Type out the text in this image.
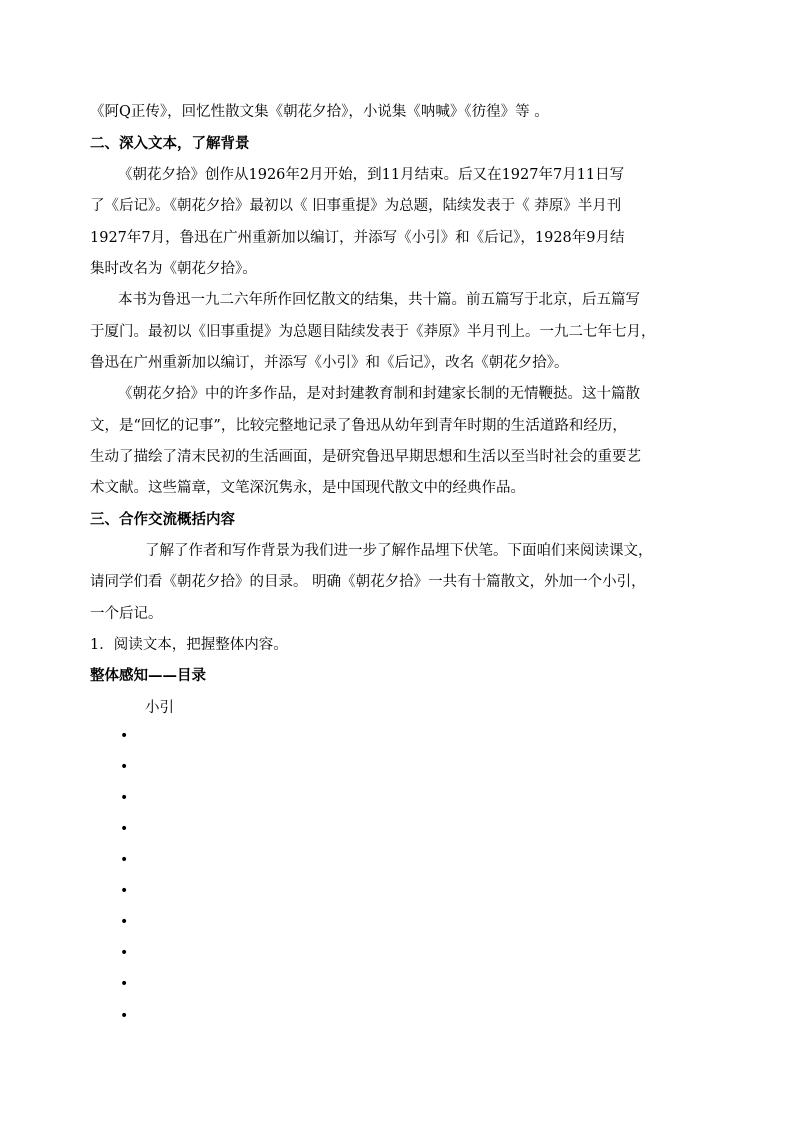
《阿Q正传》，回忆性散文集《朝花夕拾》，小说集《呐喊》《彷徨》等 。
二、深入文本，了解背景
《朝花夕拾》创作从1926年2月开始，到11月结束。后又在1927年7月11日写
了《后记》。《朝花夕拾》最初以《 旧事重提》为总题，陆续发表于《 莽原》半月刊
1927年7月，鲁迅在广州重新加以编订，并添写《小引》和《后记》，1928年9月结
集时改名为《朝花夕拾》。
本书为鲁迅一九二六年所作回忆散文的结集，共十篇。前五篇写于北京，后五篇写
于厦门。最初以《旧事重提》为总题目陆续发表于《莽原》半月刊上。一九二七年七月，
鲁迅在广州重新加以编订，并添写《小引》和《后记》，改名《朝花夕拾》。
《朝花夕拾》中的许多作品，是对封建教育制和封建家长制的无情鞭挞。这十篇散
文，是“回忆的记事”，比较完整地记录了鲁迅从幼年到青年时期的生活道路和经历，
生动了描绘了清末民初的生活画面，是研究鲁迅早期思想和生活以至当时社会的重要艺
术文献。这些篇章，文笔深沉隽永，是中国现代散文中的经典作品。
三、合作交流概括内容
了解了作者和写作背景为我们进一步了解作品埋下伏笔。下面咱们来阅读课文，
请同学们看《朝花夕拾》的目录。 明确《朝花夕拾》一共有十篇散文，外加一个小引，
一个后记。
1．阅读文本，把握整体内容。
整体感知——目录
小引
•
•
•
•
•
•
•
•
•
•
